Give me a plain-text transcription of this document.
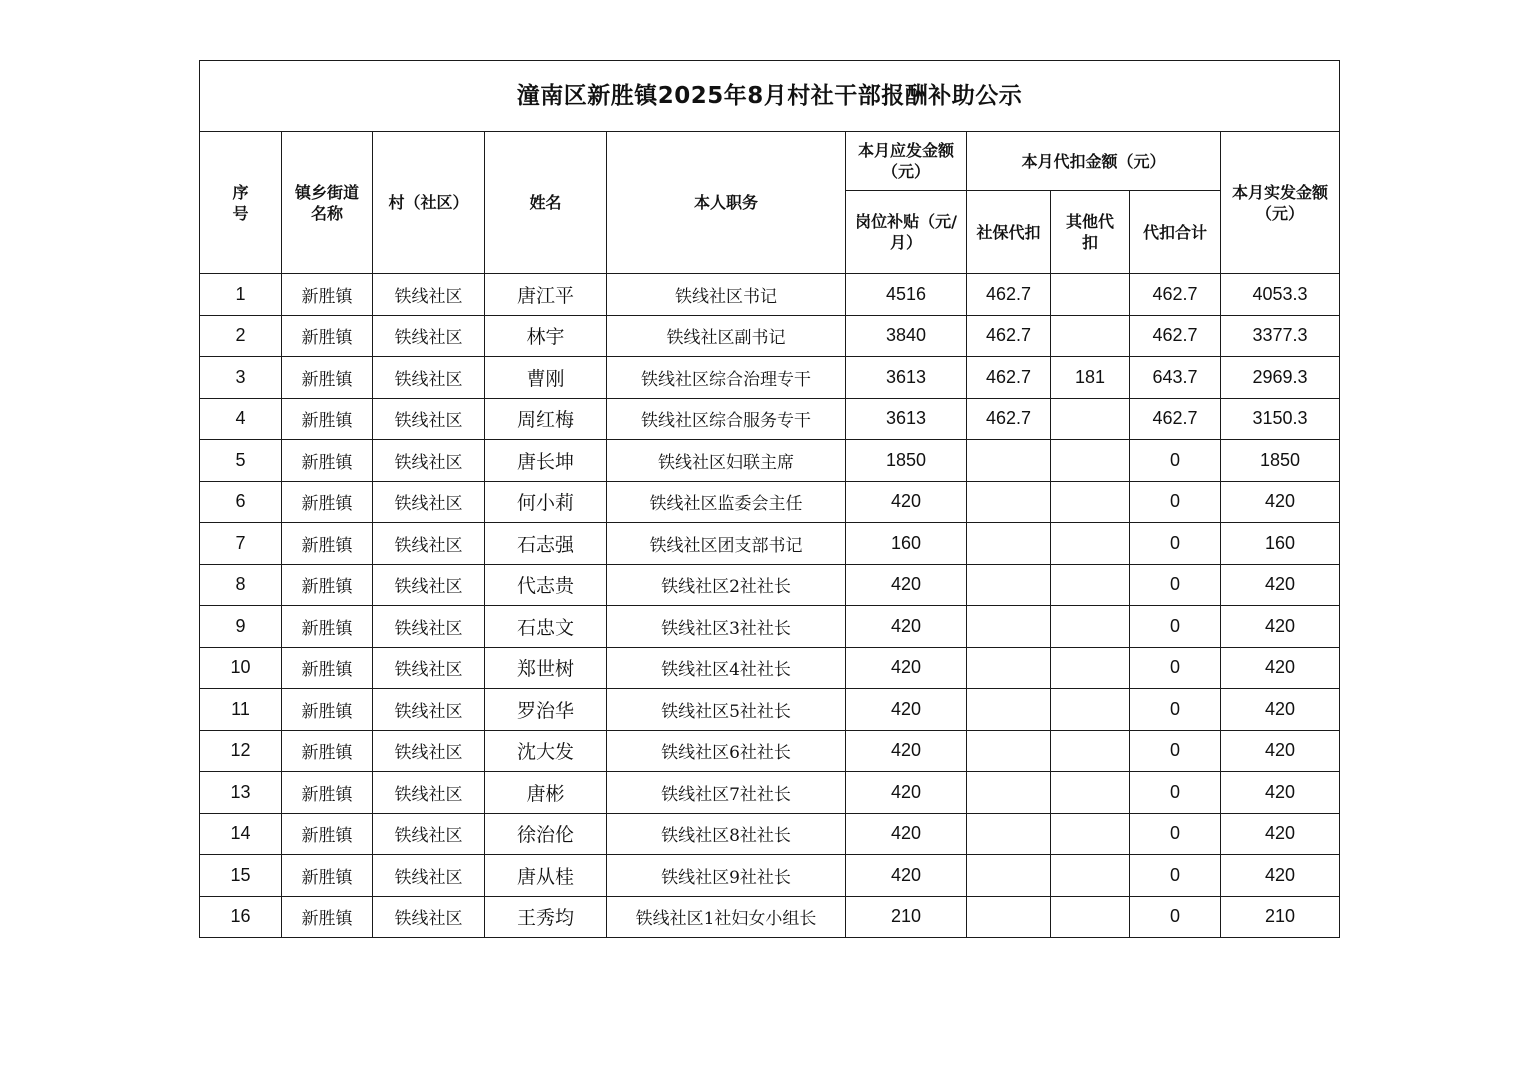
潼南区新胜镇2025年8月村社干部报酬补助公示									
序号	镇乡街道名称	村（社区）	姓名	本人职务	本月应发金额（元）	本月代扣金额（元）			本月实发金额（元）
					岗位补贴（元/月）	社保代扣	其他代扣	代扣合计	
1	新胜镇	铁线社区	唐江平	铁线社区书记	4516	462.7		462.7	4053.3
2	新胜镇	铁线社区	林宇	铁线社区副书记	3840	462.7		462.7	3377.3
3	新胜镇	铁线社区	曹刚	铁线社区综合治理专干	3613	462.7	181	643.7	2969.3
4	新胜镇	铁线社区	周红梅	铁线社区综合服务专干	3613	462.7		462.7	3150.3
5	新胜镇	铁线社区	唐长坤	铁线社区妇联主席	1850			0	1850
6	新胜镇	铁线社区	何小莉	铁线社区监委会主任	420			0	420
7	新胜镇	铁线社区	石志强	铁线社区团支部书记	160			0	160
8	新胜镇	铁线社区	代志贵	铁线社区2社社长	420			0	420
9	新胜镇	铁线社区	石忠文	铁线社区3社社长	420			0	420
10	新胜镇	铁线社区	郑世树	铁线社区4社社长	420			0	420
11	新胜镇	铁线社区	罗治华	铁线社区5社社长	420			0	420
12	新胜镇	铁线社区	沈大发	铁线社区6社社长	420			0	420
13	新胜镇	铁线社区	唐彬	铁线社区7社社长	420			0	420
14	新胜镇	铁线社区	徐治伦	铁线社区8社社长	420			0	420
15	新胜镇	铁线社区	唐从桂	铁线社区9社社长	420			0	420
16	新胜镇	铁线社区	王秀均	铁线社区1社妇女小组长	210			0	210
